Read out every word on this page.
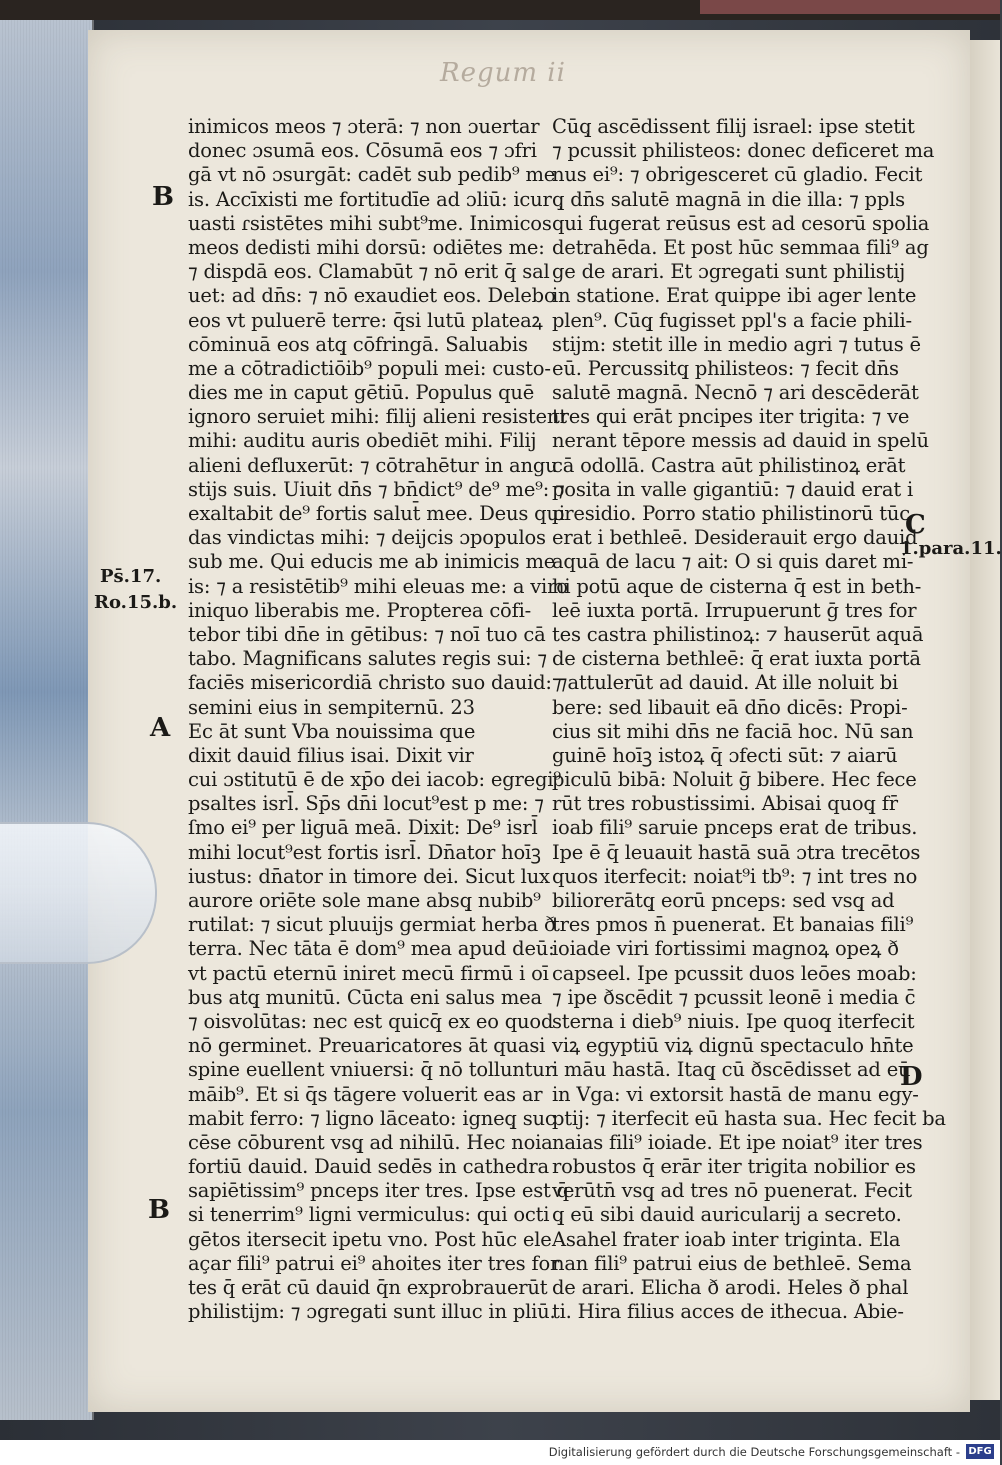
Regum ii
inimicos meos ⁊ ɔterā: ⁊ non ɔuertar
donec ɔsumā eos. Cōsumā eos ⁊ ɔfri
gā vt nō ɔsurgāt: cadēt sub pedib⁹ me
is. Accīxisti me fortitudīe ad ɔliū: icur
uasti ɾsistētes mihi subt⁹me. Inimicos
meos dedisti mihi dorsū: odiētes me:
⁊ dispdā eos. Clamabūt ⁊ nō erit q̄ sal
uet: ad dn̄s: ⁊ nō exaudiet eos. Delebo
eos vt puluerē terre: q̄si lutū plateaꝝ
cōminuā eos atq̧ cōfringā. Saluabis
me a cōtradictiōib⁹ populi mei: custo-
dies me in caput gētiū. Populus quē
ignoro seruiet mihi: filij alieni resistent
mihi: auditu auris obediēt mihi. Filij
alieni defluxerūt: ⁊ cōtrahētur in angu
stijs suis. Uiuit dn̄s ⁊ bn̄dict⁹ de⁹ me⁹: ⁊
exaltabit de⁹ fortis salut̄ mee. Deus qui
das vindictas mihi: ⁊ deijcis ɔpopulos
sub me. Qui educis me ab inimicis me
is: ⁊ a resistētib⁹ mihi eleuas me: a viro
iniquo liberabis me. Propterea cōfi-
tebor tibi dn̄e in gētibus: ⁊ noī tuo cā
tabo. Magnificans salutes regis sui: ⁊
faciēs misericordiā christo suo dauid: ⁊
semini eius in sempiternū. 23
Ec āt sunt Ⅴba nouissima que
dixit dauid filius isai. Dixit vir
cui ɔstitutū ē de xp̄o dei iacob: egregi⁹
psaltes isrl̄. Sp̄s dn̄i locut⁹est p me: ⁊
ſmo ei⁹ per liguā meā. Dixit: De⁹ isrl̄
mihi locut⁹est fortis isrl̄. Dn̄ator hoīꝫ
iustus: dn̄ator in timore dei. Sicut lux
aurore oriēte sole mane absq̧ nubib⁹
rutilat: ⁊ sicut pluuijs germiat herba ð
terra. Nec tāta ē dom⁹ mea apud deū:
vt pactū eternū iniret mecū firmū i oī
bus atq̧ munitū. Cūcta eni salus mea
⁊ oisvolūtas: nec est quicq̄ ex eo quod
nō germinet. Preuaricatores āt quasi
spine euellent vniuersi: q̄ nō tolluntur
māib⁹. Et si q̄s tāgere voluerit eas ar
mabit ferro: ⁊ ligno lāceato: igneq̧ suc
cēse cōburent vsq̧ ad nihilū. Hec noia
fortiū dauid. Dauid sedēs in cathedra
sapiētissim⁹ pnceps iter tres. Ipse est q̄
si tenerrim⁹ ligni vermiculus: qui octi
gētos itersecit ipetu vno. Post hūc ele
açar fili⁹ patrui ei⁹ ahoites iter tres for
tes q̄ erāt cū dauid q̄n exprobrauerūt
philistijm: ⁊ ɔgregati sunt illuc in pliū.
Cūq̧ ascēdissent filij israel: ipse stetit
⁊ pcussit philisteos: donec deficeret ma
nus ei⁹: ⁊ obrigesceret cū gladio. Fecit
q̧ dn̄s salutē magnā in die illa: ⁊ ppls
qui fugerat reūsus est ad cesorū spolia
detrahēda. Et post hūc semmaa fili⁹ ag
ge de arari. Et ɔgregati sunt philistij
in statione. Erat quippe ibi ager lente
plen⁹. Cūq̧ fugisset ppl's a facie phili-
stijm: stetit ille in medio agri ⁊ tutus ē
eū. Percussitq̧ philisteos: ⁊ fecit dn̄s
salutē magnā. Necnō ⁊ ari descēderāt
tres qui erāt pncipes iter trigita: ⁊ ve
nerant tēpore messis ad dauid in spelū
cā odollā. Castra aūt philistinoꝝ erāt
posita in valle gigantiū: ⁊ dauid erat i
presidio. Porro statio philistinorū tūc
erat i bethleē. Desiderauit ergo dauid
aquā de lacu ⁊ ait: O si quis daret mi-
hi potū aque de cisterna q̄ est in beth-
leē iuxta portā. Irrupuerunt ḡ tres for
tes castra philistinoꝝ: ⁊ hauserūt aquā
de cisterna bethleē: q̄ erat iuxta portā
⁊ attulerūt ad dauid. At ille noluit bi
bere: sed libauit eā dn̄o dicēs: Propi-
cius sit mihi dn̄s ne faciā hoc. Nū san
guinē hoīꝫ istoꝝ q̄ ɔfecti sūt: ⁊ aiarū
piculū bibā: Noluit ḡ bibere. Hec fece
rūt tres robustissimi. Abisai quoq̧ fr̄
ioab fili⁹ saruie pnceps erat de tribus.
Ipe ē q̄ leuauit hastā suā ɔtra trecētos
quos iterfecit: noiat⁹i tb⁹: ⁊ int tres no
biliorerātq̧ eorū pnceps: sed vsq̧ ad
tres pmos n̄ puenerat. Et banaias fili⁹
ioiade viri fortissimi magnoꝝ opeꝝ ð
capseel. Ipe pcussit duos leōes moab:
⁊ ipe ðscēdit ⁊ pcussit leonē i media c̄
sterna i dieb⁹ niuis. Ipe quoq̧ iterfecit
viꝝ egyptiū viꝝ dignū spectaculo hn̄te
i māu hastā. Itaq̧ cū ðscēdisset ad eū
in Ⅴga: vi extorsit hastā de manu egy-
ptij: ⁊ iterfecit eū hasta sua. Hec fecit ba
naias fili⁹ ioiade. Et ipe noiat⁹ iter tres
robustos q̄ erār iter trigita nobilior es
verūtn̄ vsq̧ ad tres nō puenerat. Fecit
q̧ eū sibi dauid auricularij a secreto.
Asahel frater ioab inter triginta. Ela
nan fili⁹ patrui eius de bethleē. Sema
de arari. Elicha ð arodi. Heles ð phal
ti. Hira filius acces de ithecua. Abie-
B
Ps̄.17.
Ro.15.b.
A
B
C
1.para.11.
D
Digitalisierung gefördert durch die Deutsche Forschungsgemeinschaft - DFG
